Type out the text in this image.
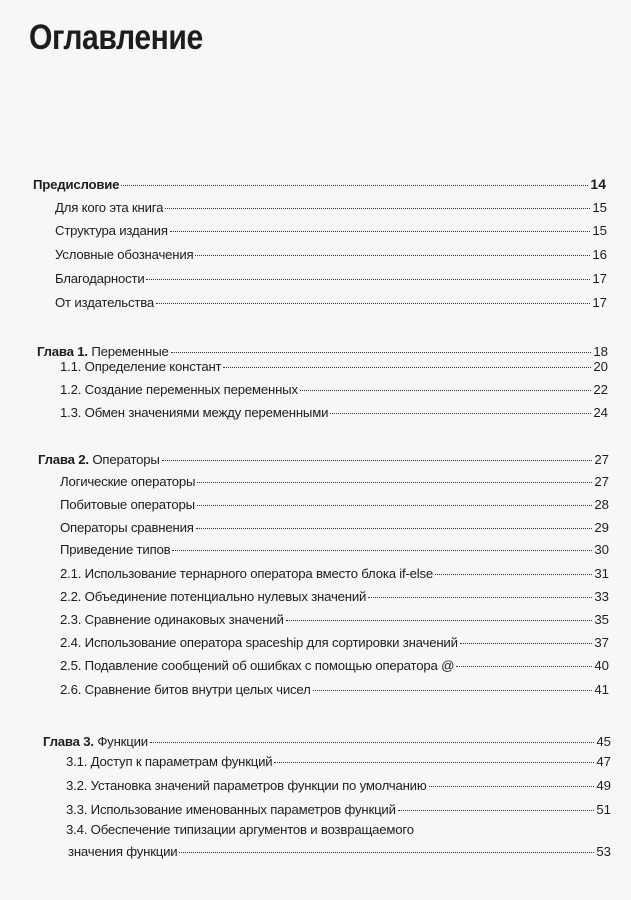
Оглавление
Предисловие	14
Для кого эта книга	15
Структура издания	15
Условные обозначения	16
Благодарности	17
От издательства	17
Глава 1. Переменные	18
1.1. Определение констант	20
1.2. Создание переменных переменных	22
1.3. Обмен значениями между переменными	24
Глава 2. Операторы	27
Логические операторы	27
Побитовые операторы	28
Операторы сравнения	29
Приведение типов	30
2.1. Использование тернарного оператора вместо блока if-else	31
2.2. Объединение потенциально нулевых значений	33
2.3. Сравнение одинаковых значений	35
2.4. Использование оператора spaceship для сортировки значений	37
2.5. Подавление сообщений об ошибках с помощью оператора @	40
2.6. Сравнение битов внутри целых чисел	41
Глава 3. Функции	45
3.1. Доступ к параметрам функций	47
3.2. Установка значений параметров функции по умолчанию	49
3.3. Использование именованных параметров функций	51
3.4. Обеспечение типизации аргументов и возвращаемого
значения функции	53
